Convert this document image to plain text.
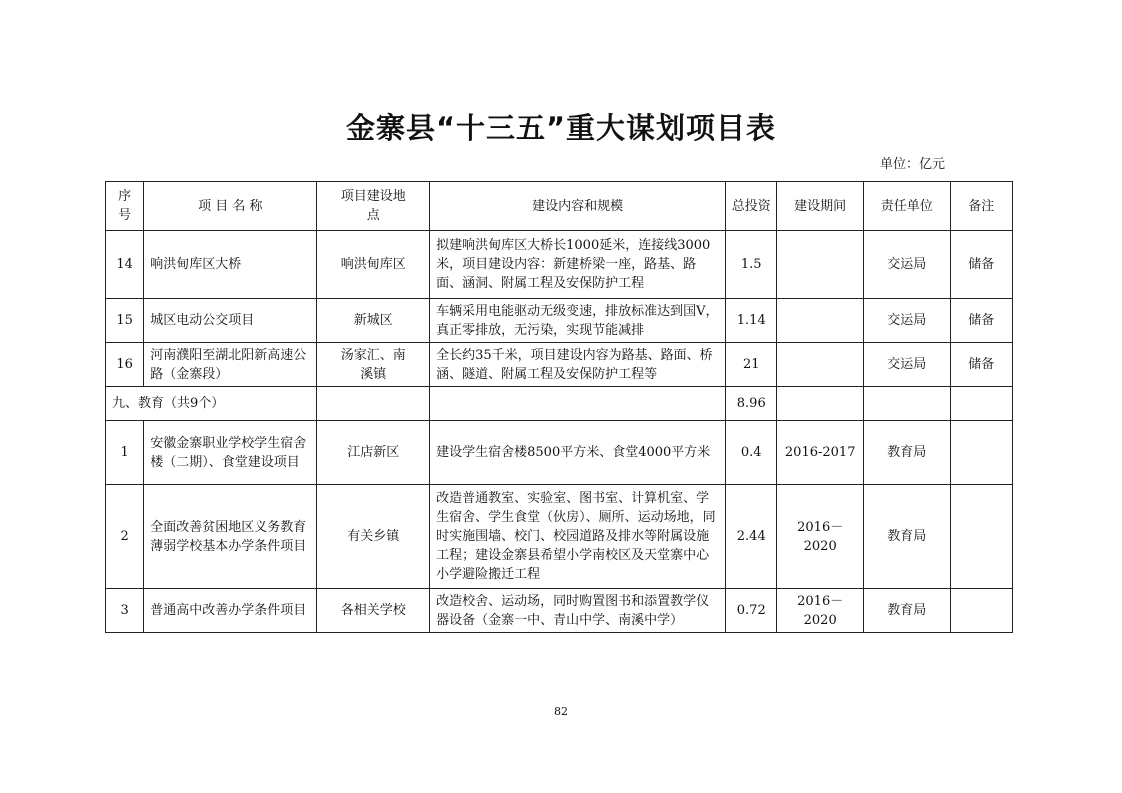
金寨县“十三五”重大谋划项目表
单位：亿元
序号	项 目 名 称	项目建设地点	建设内容和规模	总投资	建设期间	责任单位	备注
14	响洪甸库区大桥	响洪甸库区	拟建响洪甸库区大桥长1000延米，连接线3000米，项目建设内容：新建桥梁一座，路基、路面、涵洞、附属工程及安保防护工程	1.5		交运局	储备
15	城区电动公交项目	新城区	车辆采用电能驱动无级变速，排放标准达到国Ⅴ，真正零排放，无污染，实现节能减排	1.14		交运局	储备
16	河南濮阳至湖北阳新高速公路（金寨段）	汤家汇、南溪镇	全长约35千米，项目建设内容为路基、路面、桥涵、隧道、附属工程及安保防护工程等	21		交运局	储备
九、教育（共9个）				8.96			
1	安徽金寨职业学校学生宿舍楼（二期）、食堂建设项目	江店新区	建设学生宿舍楼8500平方米、食堂4000平方米	0.4	2016-2017	教育局	
2	全面改善贫困地区义务教育薄弱学校基本办学条件项目	有关乡镇	改造普通教室、实验室、图书室、计算机室、学生宿舍、学生食堂（伙房）、厕所、运动场地，同时实施围墙、校门、校园道路及排水等附属设施工程；建设金寨县希望小学南校区及天堂寨中心小学避险搬迁工程	2.44	2016－2020	教育局	
3	普通高中改善办学条件项目	各相关学校	改造校舍、运动场，同时购置图书和添置教学仪器设备（金寨一中、青山中学、南溪中学）	0.72	2016－2020	教育局	
82
